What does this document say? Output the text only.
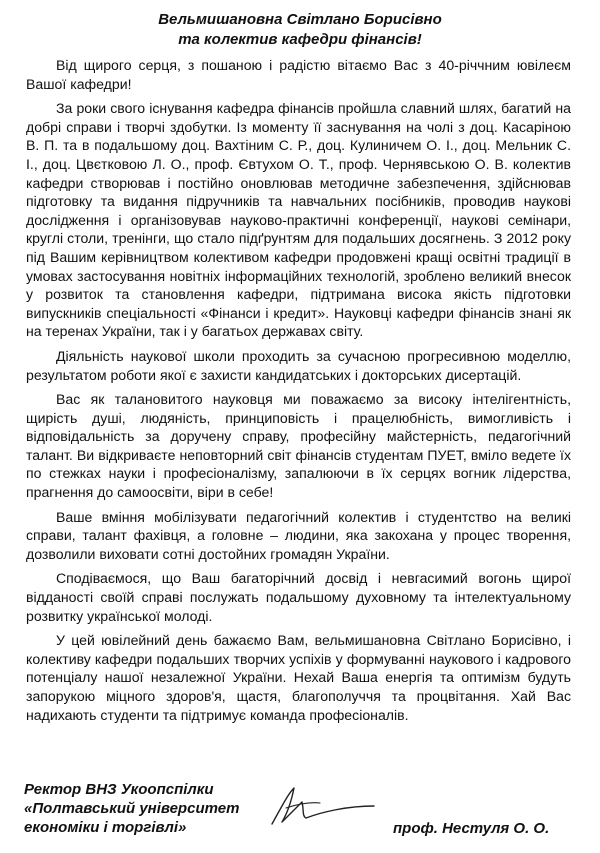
Вельмишановна Світлано Борисівно
та колектив кафедри фінансів!

Від щирого серця, з пошаною і радістю вітаємо Вас з 40-річчним ювілеєм Вашої кафедри!

За роки свого існування кафедра фінансів пройшла славний шлях, багатий на добрі справи і творчі здобутки. Із моменту її заснування на чолі з доц. Касаріною В. П. та в подальшому доц. Вахтіним С. Р., доц. Кулиничем О. І., доц. Мельник С. І., доц. Цвєтковою Л. О., проф. Євтухом О. Т., проф. Чернявською О. В. колектив кафедри створював і постійно оновлював методичне забезпечення, здійснював підготовку та видання підручників та навчальних посібників, проводив наукові дослідження і організовував науково-практичні конференції, наукові семінари, круглі столи, тренінги, що стало підґрунтям для подальших досягнень. З 2012 року під Вашим керівництвом колективом кафедри продовжені кращі освітні традиції в умовах застосування новітніх інформаційних технологій, зроблено великий внесок у розвиток та становлення кафедри, підтримана висока якість підготовки випускників спеціальності «Фінанси і кредит». Науковці кафедри фінансів знані як на теренах України, так і у багатьох державах світу.

Діяльність наукової школи проходить за сучасною прогресивною моделлю, результатом роботи якої є захисти кандидатських і докторських дисертацій.

Вас як талановитого науковця ми поважаємо за високу інтелігентність, щирість душі, людяність, принциповість і працелюбність, вимогливість і відповідальність за доручену справу, професійну майстерність, педагогічний талант. Ви відкриваєте неповторний світ фінансів студентам ПУЕТ, вміло ведете їх по стежках науки і професіоналізму, запалюючи в їх серцях вогник лідерства, прагнення до самоосвіти, віри в себе!

Ваше вміння мобілізувати педагогічний колектив і студентство на великі справи, талант фахівця, а головне – людини, яка закохана у процес творення, дозволили виховати сотні достойних громадян України.

Сподіваємося, що Ваш багаторічний досвід і невгасимий вогонь щирої відданості своїй справі послужать подальшому духовному та інтелектуальному розвитку української молоді.

У цей ювілейний день бажаємо Вам, вельмишановна Світлано Борисівно, і колективу кафедри подальших творчих успіхів у формуванні наукового і кадрового потенціалу нашої незалежної України. Нехай Ваша енергія та оптимізм будуть запорукою міцного здоров'я, щастя, благополуччя та процвітання. Хай Вас надихають студенти та підтримує команда професіоналів.

Ректор ВНЗ Укоопспілки
«Полтавський університет
економіки і торгівлі»	проф. Нестуля О. О.
